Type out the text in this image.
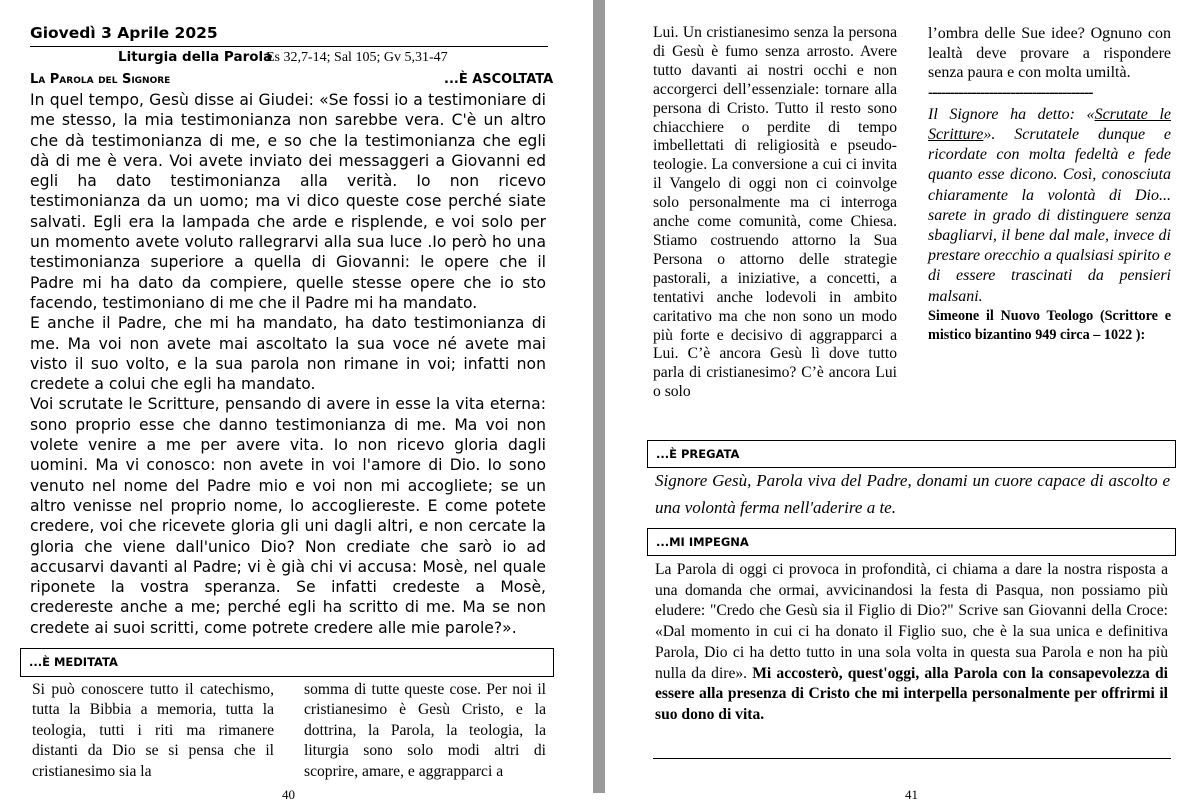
Giovedì 3 Aprile 2025
Liturgia della Parola
Es 32,7-14; Sal 105; Gv 5,31-47
La Parola del Signore	...È ASCOLTATA

In quel tempo, Gesù disse ai Giudei: «Se fossi io a testimoniare di me stesso, la mia testimonianza non sarebbe vera. C'è un altro che dà testimonianza di me, e so che la testimonianza che egli dà di me è vera. Voi avete inviato dei messaggeri a Giovanni ed egli ha dato testimonianza alla verità. Io non ricevo testimonianza da un uomo; ma vi dico queste cose perché siate salvati. Egli era la lampada che arde e risplende, e voi solo per un momento avete voluto rallegrarvi alla sua luce .Io però ho una testimonianza superiore a quella di Giovanni: le opere che il Padre mi ha dato da compiere, quelle stesse opere che io sto facendo, testimoniano di me che il Padre mi ha mandato.

E anche il Padre, che mi ha mandato, ha dato testimonianza di me. Ma voi non avete mai ascoltato la sua voce né avete mai visto il suo volto, e la sua parola non rimane in voi; infatti non credete a colui che egli ha mandato.

Voi scrutate le Scritture, pensando di avere in esse la vita eterna: sono proprio esse che danno testimonianza di me. Ma voi non volete venire a me per avere vita. Io non ricevo gloria dagli uomini. Ma vi conosco: non avete in voi l'amore di Dio. Io sono venuto nel nome del Padre mio e voi non mi accogliete; se un altro venisse nel proprio nome, lo accogliereste. E come potete credere, voi che ricevete gloria gli uni dagli altri, e non cercate la gloria che viene dall'unico Dio? Non crediate che sarò io ad accusarvi davanti al Padre; vi è già chi vi accusa: Mosè, nel quale riponete la vostra speranza. Se infatti credeste a Mosè, credereste anche a me; perché egli ha scritto di me. Ma se non credete ai suoi scritti, come potrete credere alle mie parole?».

...È MEDITATA
Si può conoscere tutto il catechismo, tutta la Bibbia a memoria, tutta la teologia, tutti i riti ma rimanere distanti da Dio se si pensa che il cristianesimo sia la
somma di tutte queste cose. Per noi il cristianesimo è Gesù Cristo, e la dottrina, la Parola, la teologia, la liturgia sono solo modi altri di scoprire, amare, e aggrapparci a
40
Lui. Un cristianesimo senza la persona di Gesù è fumo senza arrosto. Avere tutto davanti ai nostri occhi e non accorgerci dell’essenziale: tornare alla persona di Cristo. Tutto il resto sono chiacchiere o perdite di tempo imbellettati di religiosità e pseudo-teologie. La conversione a cui ci invita il Vangelo di oggi non ci coinvolge solo personalmente ma ci interroga anche come comunità, come Chiesa. Stiamo costruendo attorno la Sua Persona o attorno delle strategie pastorali, a iniziative, a concetti, a tentativi anche lodevoli in ambito caritativo ma che non sono un modo più forte e decisivo di aggrapparci a Lui. C’è ancora Gesù lì dove tutto parla di cristianesimo? C’è ancora Lui o solo

l’ombra delle Sue idee? Ognuno con lealtà deve provare a rispondere senza paura e con molta umiltà.

--------------------------------------

Il Signore ha detto: «Scrutate le Scritture». Scrutatele dunque e ricordate con molta fedeltà e fede quanto esse dicono. Così, conosciuta chiaramente la volontà di Dio... sarete in grado di distinguere senza sbagliarvi, il bene dal male, invece di prestare orecchio a qualsiasi spirito e di essere trascinati da pensieri malsani.

Simeone il Nuovo Teologo (Scrittore e mistico bizantino 949 circa – 1022 ):

...È PREGATA
Signore Gesù, Parola viva del Padre, donami un cuore capace di ascolto e una volontà ferma nell'aderire a te.
...MI IMPEGNA
La Parola di oggi ci provoca in profondità, ci chiama a dare la nostra risposta a una domanda che ormai, avvicinandosi la festa di Pasqua, non possiamo più eludere: "Credo che Gesù sia il Figlio di Dio?" Scrive san Giovanni della Croce: «Dal momento in cui ci ha donato il Figlio suo, che è la sua unica e definitiva Parola, Dio ci ha detto tutto in una sola volta in questa sua Parola e non ha più nulla da dire». Mi accosterò, quest'oggi, alla Parola con la consapevolezza di essere alla presenza di Cristo che mi interpella personalmente per offrirmi il suo dono di vita.
41
